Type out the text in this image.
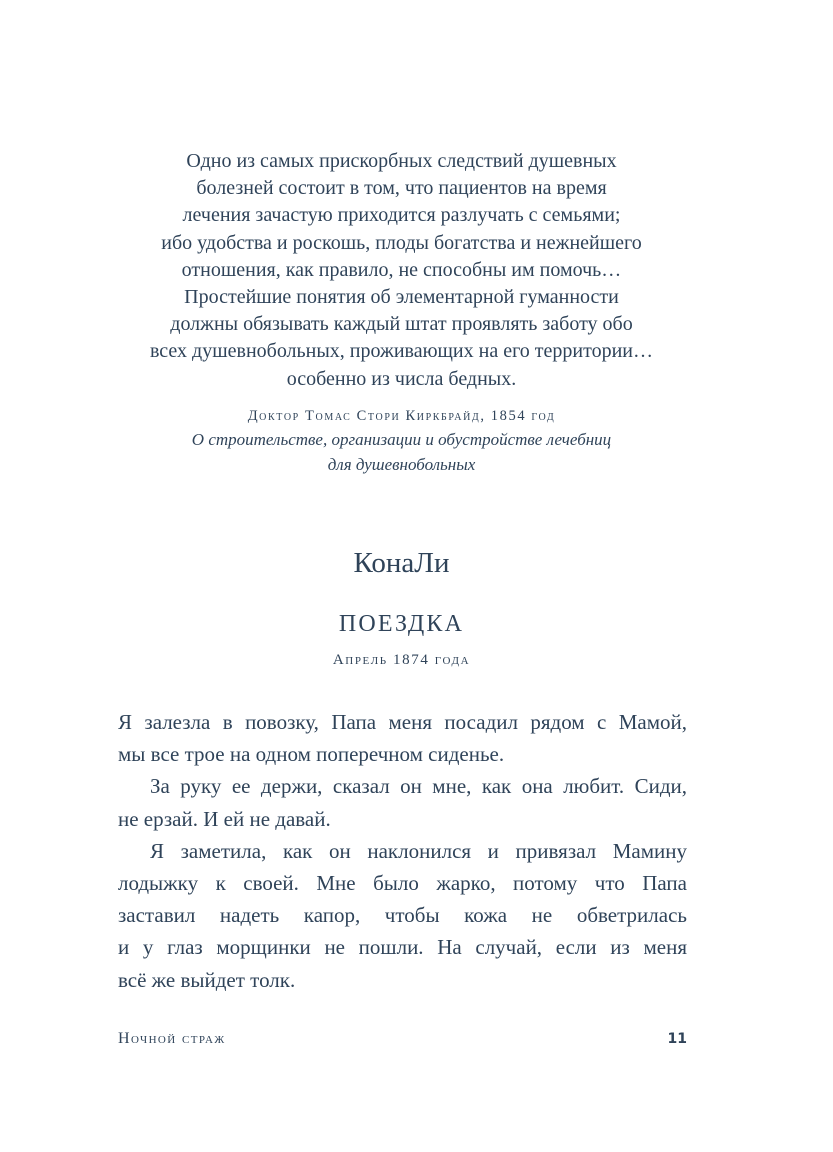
Одно из самых прискорбных следствий душевных
болезней состоит в том, что пациентов на время
лечения зачастую приходится разлучать с семьями;
ибо удобства и роскошь, плоды богатства и нежнейшего
отношения, как правило, не способны им помочь…
Простейшие понятия об элементарной гуманности
должны обязывать каждый штат проявлять заботу обо
всех душевнобольных, проживающих на его территории…
особенно из числа бедных.
Доктор Томас Стори Киркбрайд, 1854 год
О строительстве, организации и обустройстве лечебниц
для душевнобольных
КонаЛи
ПОЕЗДКА
Апрель 1874 года
Я залезла в повозку, Папа меня посадил рядом с Мамой,
мы все трое на одном поперечном сиденье.
За руку ее держи, сказал он мне, как она любит. Сиди,
не ерзай. И ей не давай.
Я заметила, как он наклонился и привязал Мамину
лодыжку к своей. Мне было жарко, потому что Папа
заставил надеть капор, чтобы кожа не обветрилась
и у глаз морщинки не пошли. На случай, если из меня
всё же выйдет толк.
Ночной страж	11
